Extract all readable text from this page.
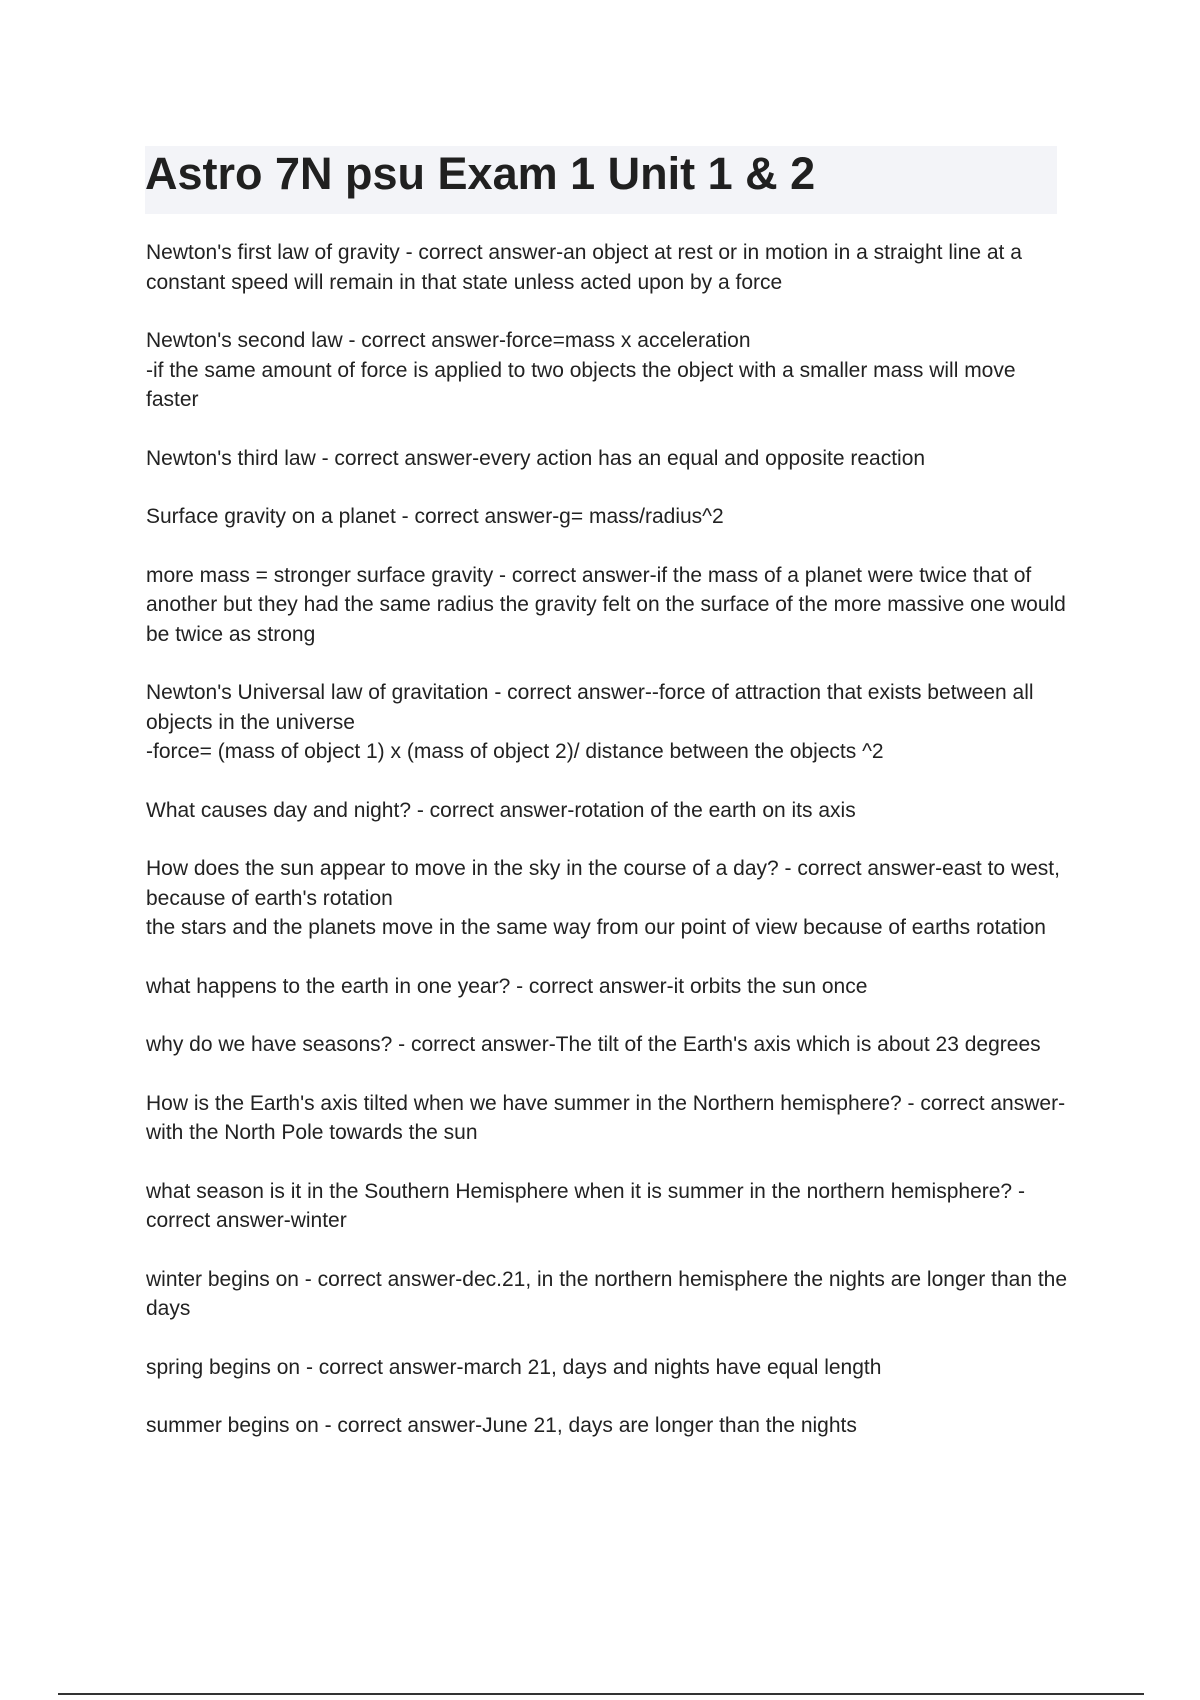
Astro 7N psu Exam 1 Unit 1 & 2

Newton's first law of gravity - correct answer-an object at rest or in motion in a straight line at a constant speed will remain in that state unless acted upon by a force

Newton's second law - correct answer-force=mass x acceleration
-if the same amount of force is applied to two objects the object with a smaller mass will move faster

Newton's third law - correct answer-every action has an equal and opposite reaction

Surface gravity on a planet - correct answer-g= mass/radius^2

more mass = stronger surface gravity - correct answer-if the mass of a planet were twice that of another but they had the same radius the gravity felt on the surface of the more massive one would be twice as strong

Newton's Universal law of gravitation - correct answer--force of attraction that exists between all objects in the universe
-force= (mass of object 1) x (mass of object 2)/ distance between the objects ^2

What causes day and night? - correct answer-rotation of the earth on its axis

How does the sun appear to move in the sky in the course of a day? - correct answer-east to west, because of earth's rotation
the stars and the planets move in the same way from our point of view because of earths rotation

what happens to the earth in one year? - correct answer-it orbits the sun once

why do we have seasons? - correct answer-The tilt of the Earth's axis which is about 23 degrees

How is the Earth's axis tilted when we have summer in the Northern hemisphere? - correct answer-with the North Pole towards the sun

what season is it in the Southern Hemisphere when it is summer in the northern hemisphere? - correct answer-winter

winter begins on - correct answer-dec.21, in the northern hemisphere the nights are longer than the days

spring begins on - correct answer-march 21, days and nights have equal length

summer begins on - correct answer-June 21, days are longer than the nights
